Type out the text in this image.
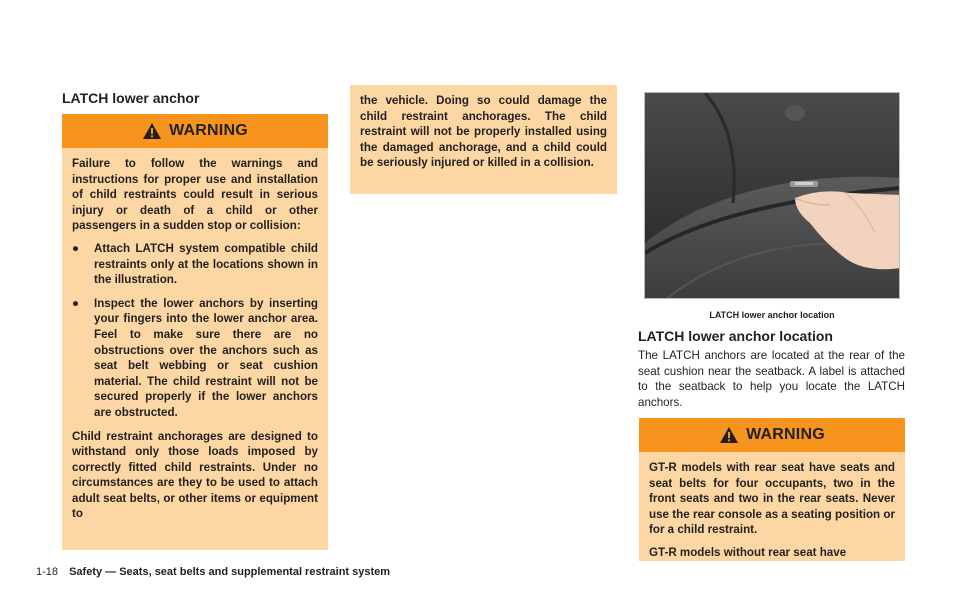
LATCH lower anchor
WARNING

Failure to follow the warnings and instructions for proper use and installation of child restraints could result in serious injury or death of a child or other passengers in a sudden stop or collision:

● Attach LATCH system compatible child restraints only at the locations shown in the illustration.
● Inspect the lower anchors by inserting your fingers into the lower anchor area. Feel to make sure there are no obstructions over the anchors such as seat belt webbing or seat cushion material. The child restraint will not be secured properly if the lower anchors are obstructed.

Child restraint anchorages are designed to withstand only those loads imposed by correctly fitted child restraints. Under no circumstances are they to be used to attach adult seat belts, or other items or equipment to

the vehicle. Doing so could damage the child restraint anchorages. The child restraint will not be properly installed using the damaged anchorage, and a child could be seriously injured or killed in a collision.

LATCH lower anchor location
LATCH lower anchor location
The LATCH anchors are located at the rear of the seat cushion near the seatback. A label is attached to the seatback to help you locate the LATCH anchors.
WARNING

GT-R models with rear seat have seats and seat belts for four occupants, two in the front seats and two in the rear seats. Never use the rear console as a seating position or for a child restraint.

GT-R models without rear seat have

1-18 Safety — Seats, seat belts and supplemental restraint system
